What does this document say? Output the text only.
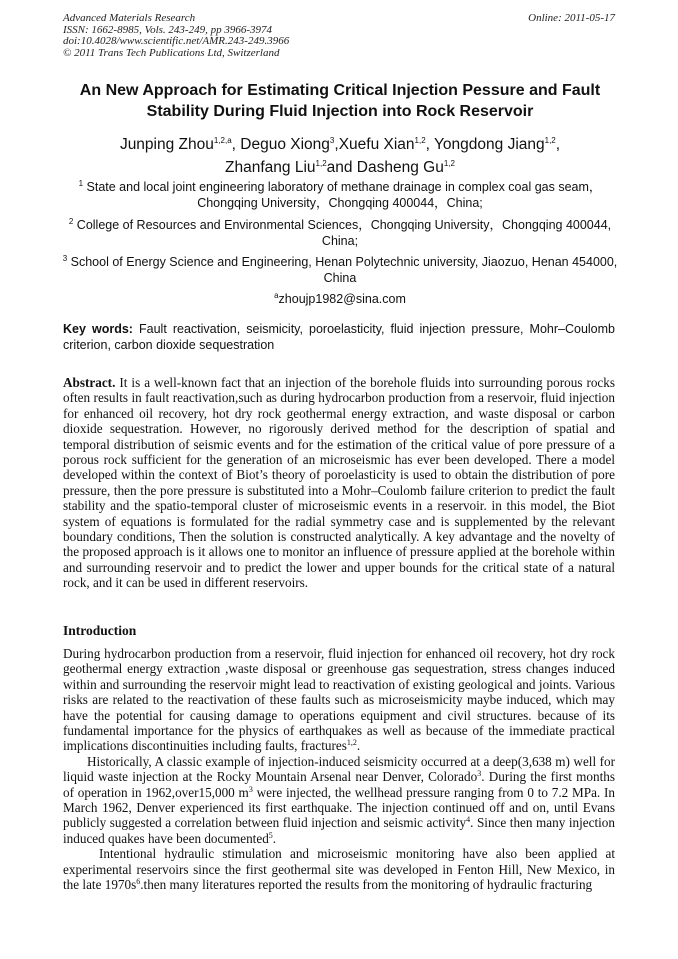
Advanced Materials Research
ISSN: 1662-8985, Vols. 243-249, pp 3966-3974
doi:10.4028/www.scientific.net/AMR.243-249.3966
© 2011 Trans Tech Publications Ltd, Switzerland
Online: 2011-05-17
An New Approach for Estimating Critical Injection Pessure and Fault
Stability During Fluid Injection into Rock Reservoir
Junping Zhou$^{1,2,a}$, Deguo Xiong$^3$,Xuefu Xian$^{1,2}$, Yongdong Jiang$^{1,2}$,
Zhanfang Liu$^{1,2}$and Dasheng Gu$^{1,2}$
$^1$ State and local joint engineering laboratory of methane drainage in complex coal gas seam，
Chongqing University，Chongqing 400044，China;
$^2$ College of Resources and Environmental Sciences，Chongqing University，Chongqing 400044,
China;
$^3$ School of Energy Science and Engineering, Henan Polytechnic university, Jiaozuo, Henan 454000,
China
$^a$zhoujp1982@sina.com
Key words: Fault reactivation, seismicity, poroelasticity, fluid injection pressure, Mohr–Coulomb criterion, carbon dioxide sequestration

Abstract. It is a well-known fact that an injection of the borehole fluids into surrounding porous rocks often results in fault reactivation,such as during hydrocarbon production from a reservoir, fluid injection for enhanced oil recovery, hot dry rock geothermal energy extraction, and waste disposal or carbon dioxide sequestration. However, no rigorously derived method for the description of spatial and temporal distribution of seismic events and for the estimation of the critical value of pore pressure of a porous rock sufficient for the generation of an microseismic has ever been developed. There a model developed within the context of Biot’s theory of poroelasticity is used to obtain the distribution of pore pressure, then the pore pressure is substituted into a Mohr–Coulomb failure criterion to predict the fault stability and the spatio-temporal cluster of microseismic events in a reservoir. in this model, the Biot system of equations is formulated for the radial symmetry case and is supplemented by the relevant boundary conditions, Then the solution is constructed analytically. A key advantage and the novelty of the proposed approach is it allows one to monitor an influence of pressure applied at the borehole within and surrounding reservoir and to predict the lower and upper bounds for the critical state of a natural rock, and it can be used in different reservoirs.

Introduction

During hydrocarbon production from a reservoir, fluid injection for enhanced oil recovery, hot dry rock geothermal energy extraction ,waste disposal or greenhouse gas sequestration, stress changes induced within and surrounding the reservoir might lead to reactivation of existing geological and joints. Various risks are related to the reactivation of these faults such as microseismicity maybe induced, which may have the potential for causing damage to operations equipment and civil structures. because of its fundamental importance for the physics of earthquakes as well as because of the immediate practical implications discontinuities including faults, fractures$^{1,2}$.

Historically, A classic example of injection-induced seismicity occurred at a deep(3,638 m) well for liquid waste injection at the Rocky Mountain Arsenal near Denver, Colorado$^3$. During the first months of operation in 1962,over15,000 $m^3$ were injected, the wellhead pressure ranging from 0 to 7.2 MPa. In March 1962, Denver experienced its first earthquake. The injection continued off and on, until Evans publicly suggested a correlation between fluid injection and seismic activity$^4$. Since then many injection induced quakes have been documented$^5$.

Intentional hydraulic stimulation and microseismic monitoring have also been applied at experimental reservoirs since the first geothermal site was developed in Fenton Hill, New Mexico, in the late $1970s^6.then$ many literatures reported the results from the monitoring of hydraulic fracturing
